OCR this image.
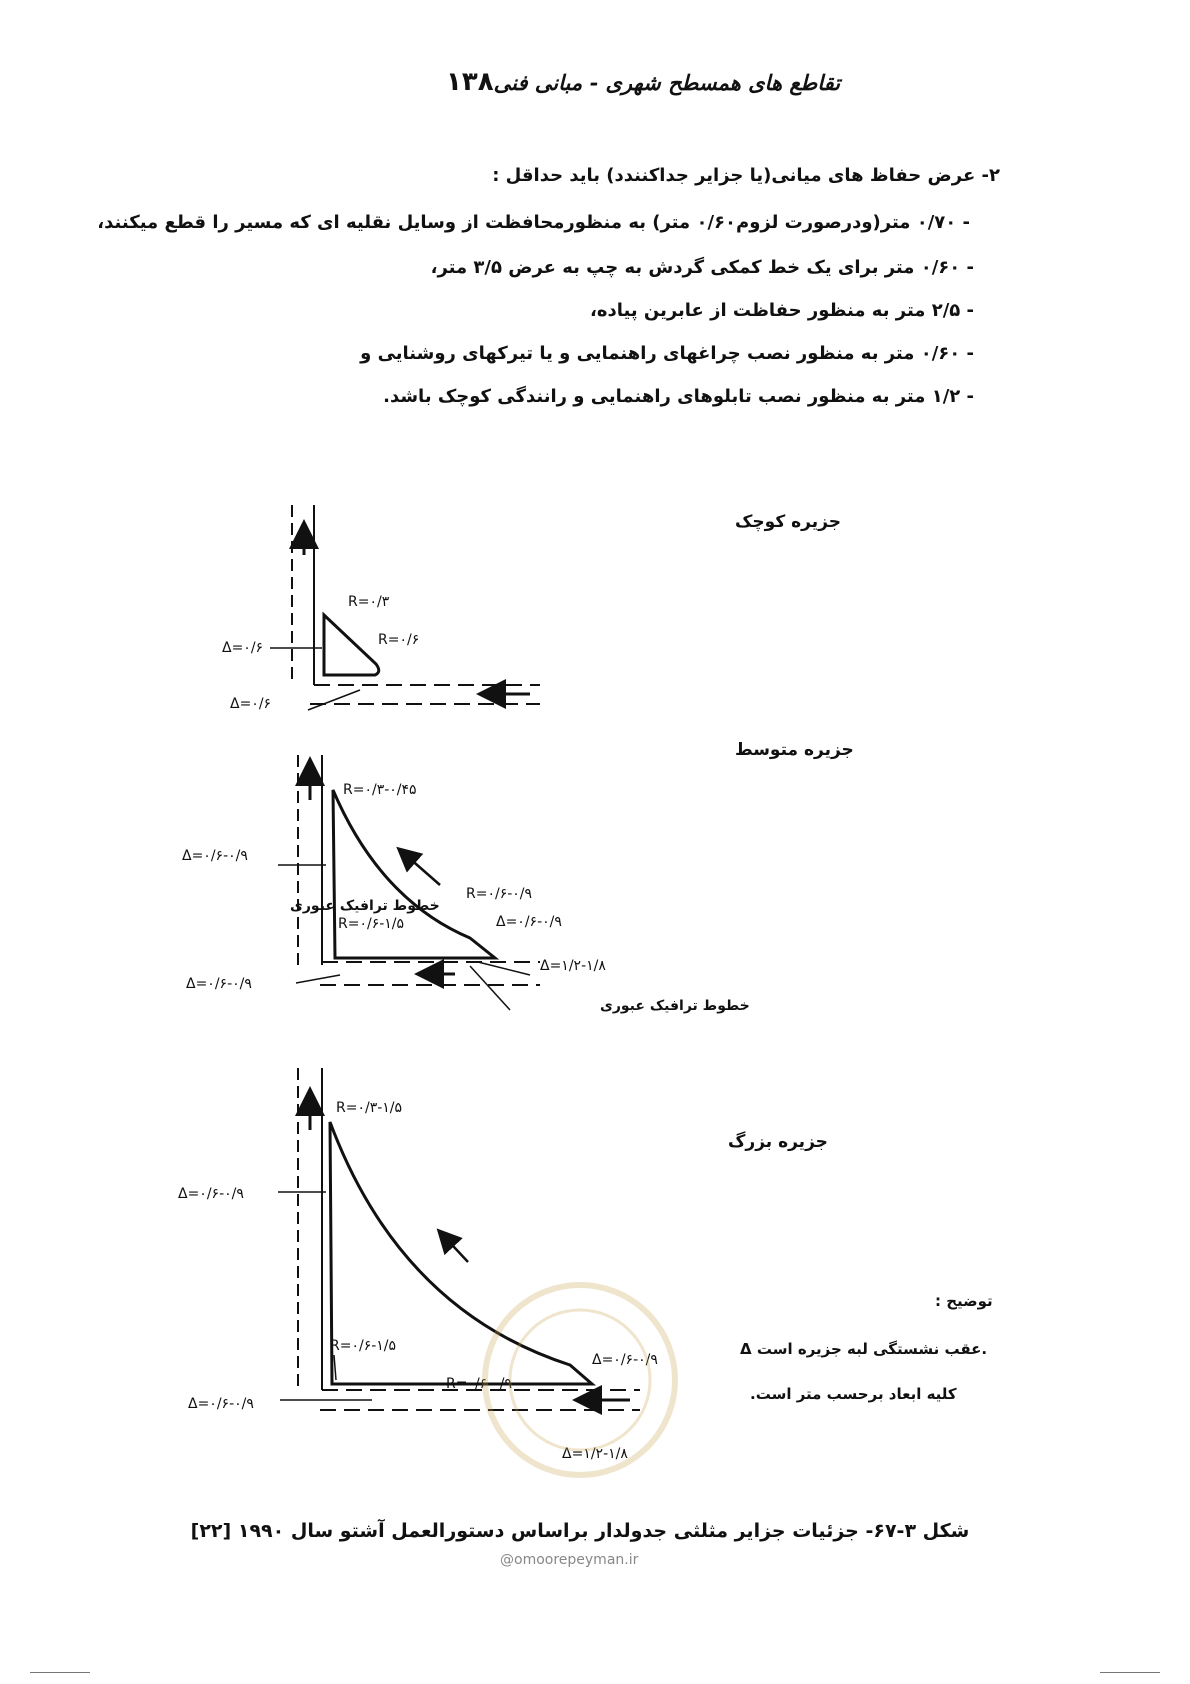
۱۳۸ تقاطع های همسطح شهری - مبانی فنی
۲- عرض حفاظ های میانی(یا جزایر جداکنندد) باید حداقل :
- ۰/۷۰ متر(ودرصورت لزوم۰/۶۰ متر) به منظورمحافظت از وسایل نقلیه ای که مسیر را قطع میکنند،
- ۰/۶۰ متر برای یک خط کمکی گردش به چپ به عرض ۳/۵ متر،
- ۲/۵ متر به منظور حفاظت از عابرین پیاده،
- ۰/۶۰ متر به منظور نصب چراغهای راهنمایی و یا تیرکهای روشنایی و
- ۱/۲ متر به منظور نصب تابلوهای راهنمایی و رانندگی کوچک باشد.
R=۰/۳
R=۰/۶
Δ=۰/۶
Δ=۰/۶
R=۰/۳-۰/۴۵
R=۰/۶-۰/۹
R=۰/۶-۱/۵	Δ=۰/۶-۰/۹
Δ=۰/۶-۰/۹
Δ=۱/۲-۱/۸
Δ=۰/۶-۰/۹
خطوط ترافیک عبوری
خطوط ترافیک عبوری
R=۰/۳-۱/۵
R=۰/۶-۱/۵
R=۰/۶-۰/۹
Δ=۰/۶-۰/۹
Δ=۰/۶-۰/۹
Δ=۰/۶-۰/۹
Δ=۱/۲-۱/۸
جزیره کوچک
جزیره متوسط
جزیره بزرگ
توضیح :
Δ عقب نشستگی لبه جزیره است.
کلیه ابعاد برحسب متر است.
شکل ۳-۶۷- جزئیات جزایر مثلثی جدولدار براساس دستورالعمل آشتو سال ۱۹۹۰ [۲۲]
@omoorepeyman.ir
